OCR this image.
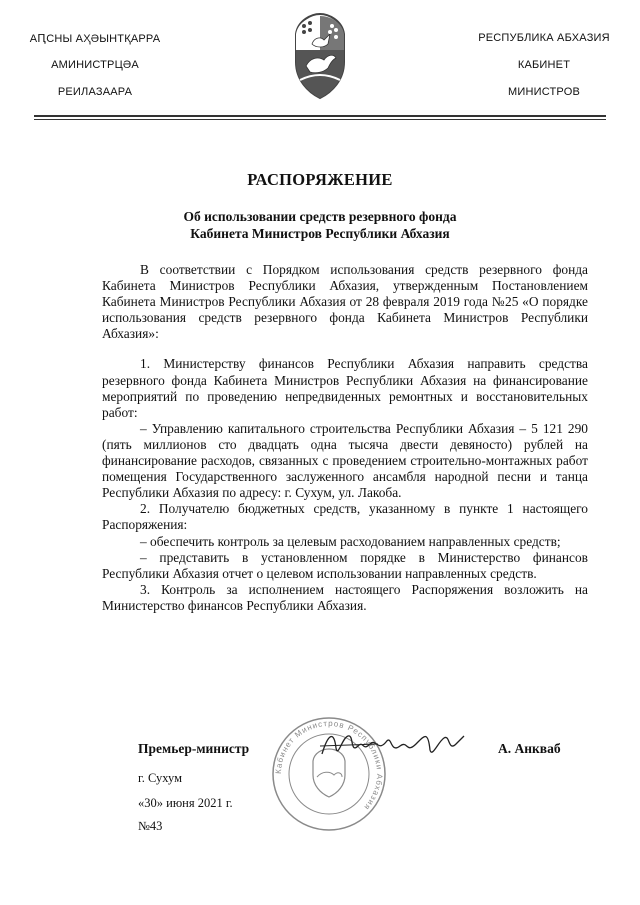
АԤСНЫ АҲӘЫНТҚАРРА
АМИНИСТРЦӘА
РЕИЛАЗААРА
РЕСПУБЛИКА АБХАЗИЯ
КАБИНЕТ
МИНИСТРОВ
РАСПОРЯЖЕНИЕ
Об использовании средств резервного фонда
Кабинета Министров Республики Абхазия

В соответствии с Порядком использования средств резервного фонда Кабинета Министров Республики Абхазия, утвержденным Постановлением Кабинета Министров Республики Абхазия от 28 февраля 2019 года №25 «О порядке использования средств резервного фонда Кабинета Министров Республики Абхазия»:

1. Министерству финансов Республики Абхазия направить средства резервного фонда Кабинета Министров Республики Абхазия на финансирование мероприятий по проведению непредвиденных ремонтных и восстановительных работ:

– Управлению капитального строительства Республики Абхазия – 5 121 290 (пять миллионов сто двадцать одна тысяча двести девяносто) рублей на финансирование расходов, связанных с проведением строительно-монтажных работ помещения Государственного заслуженного ансамбля народной песни и танца Республики Абхазия по адресу: г. Сухум, ул. Лакоба.

2. Получателю бюджетных средств, указанному в пункте 1 настоящего Распоряжения:

– обеспечить контроль за целевым расходованием направленных средств;

– представить в установленном порядке в Министерство финансов Республики Абхазия отчет о целевом использовании направленных средств.

3. Контроль за исполнением настоящего Распоряжения возложить на Министерство финансов Республики Абхазия.

Кабинет Министров Республики Абхазия
Премьер-министр	А. Анкваб
г. Сухум
«30» июня 2021 г.
№43
